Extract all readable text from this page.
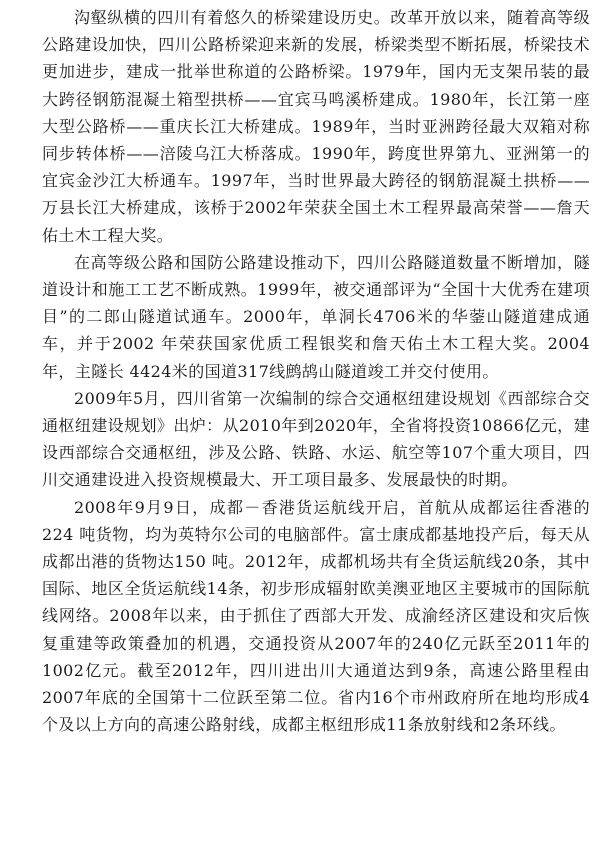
沟壑纵横的四川有着悠久的桥梁建设历史。改革开放以来，随着高等级公路建设加快，四川公路桥梁迎来新的发展，桥梁类型不断拓展，桥梁技术更加进步，建成一批举世称道的公路桥梁。1979年，国内无支架吊装的最大跨径钢筋混凝土箱型拱桥——宜宾马鸣溪桥建成。1980年，长江第一座大型公路桥——重庆长江大桥建成。1989年，当时亚洲跨径最大双箱对称同步转体桥——涪陵乌江大桥落成。1990年，跨度世界第九、亚洲第一的宜宾金沙江大桥通车。1997年，当时世界最大跨径的钢筋混凝土拱桥——万县长江大桥建成，该桥于2002年荣获全国土木工程界最高荣誉——詹天佑土木工程大奖。

在高等级公路和国防公路建设推动下，四川公路隧道数量不断增加，隧道设计和施工工艺不断成熟。1999年，被交通部评为“全国十大优秀在建项目”的二郎山隧道试通车。2000年，单洞长4706米的华蓥山隧道建成通车，并于2002 年荣获国家优质工程银奖和詹天佑土木工程大奖。2004年，主隧长 4424米的国道317线鹧鸪山隧道竣工并交付使用。

2009年5月，四川省第一次编制的综合交通枢纽建设规划《西部综合交通枢纽建设规划》出炉：从2010年到2020年，全省将投资10866亿元，建设西部综合交通枢纽，涉及公路、铁路、水运、航空等107个重大项目，四川交通建设进入投资规模最大、开工项目最多、发展最快的时期。

2008年9月9日，成都－香港货运航线开启，首航从成都运往香港的224 吨货物，均为英特尔公司的电脑部件。富士康成都基地投产后，每天从成都出港的货物达150 吨。2012年，成都机场共有全货运航线20条，其中国际、地区全货运航线14条，初步形成辐射欧美澳亚地区主要城市的国际航线网络。2008年以来，由于抓住了西部大开发、成渝经济区建设和灾后恢复重建等政策叠加的机遇，交通投资从2007年的240亿元跃至2011年的1002亿元。截至2012年，四川进出川大通道达到9条，高速公路里程由2007年底的全国第十二位跃至第二位。省内16个市州政府所在地均形成4个及以上方向的高速公路射线，成都主枢纽形成11条放射线和2条环线。
